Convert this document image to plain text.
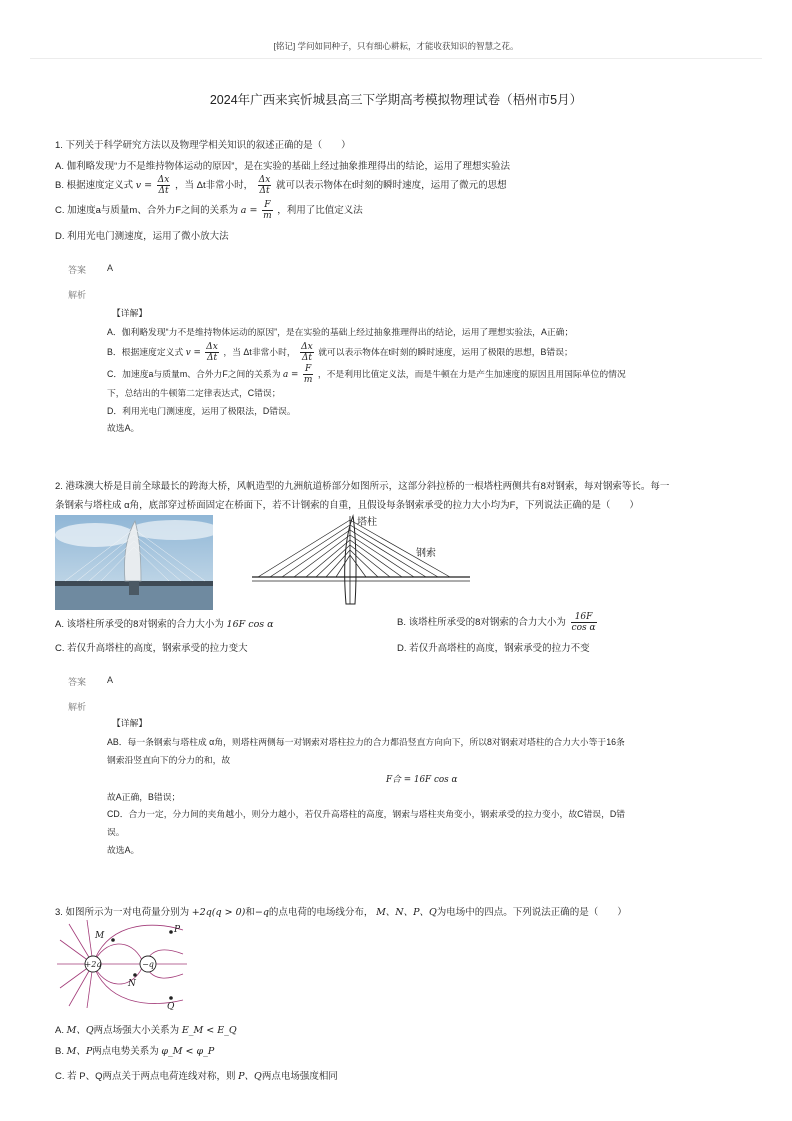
[铭记] 学问如同种子，只有细心耕耘，才能收获知识的智慧之花。
2024年广西来宾忻城县高三下学期高考模拟物理试卷（梧州市5月）
1. 下列关于科学研究方法以及物理学相关知识的叙述正确的是（　　）
A. 伽利略发现“力不是维持物体运动的原因”，是在实验的基础上经过抽象推理得出的结论，运用了理想实验法
B. 根据速度定义式 $v = \frac{\Delta x}{\Delta t}$ ，当 Δt非常小时， $\frac{\Delta x}{\Delta t}$ 就可以表示物体在t时刻的瞬时速度，运用了微元的思想
C. 加速度a与质量m、合外力F之间的关系为 $a = \frac{F}{m}$ ，利用了比值定义法
D. 利用光电门测速度，运用了微小放大法
答案 A
解析
【详解】
A．伽利略发现“力不是维持物体运动的原因”，是在实验的基础上经过抽象推理得出的结论，运用了理想实验法，A正确；
B．根据速度定义式 $v = \frac{\Delta x}{\Delta t}$ ，当 Δt非常小时， $\frac{\Delta x}{\Delta t}$ 就可以表示物体在t时刻的瞬时速度，运用了极限的思想，B错误；
C．加速度a与质量m、合外力F之间的关系为 $a = \frac{F}{m}$ ，不是利用比值定义法，而是牛顿在力是产生加速度的原因且用国际单位的情况
下，总结出的牛顿第二定律表达式，C错误；
D．利用光电门测速度，运用了极限法，D错误。
故选A。
2. 港珠澳大桥是目前全球最长的跨海大桥，风帆造型的九洲航道桥部分如图所示，这部分斜拉桥的一根塔柱两侧共有8对钢索，每对钢索等长。每一
条钢索与塔柱成 α角，底部穿过桥面固定在桥面下，若不计钢索的自重，且假设每条钢索承受的拉力大小均为F，下列说法正确的是（　　）
塔柱
钢索
A. 该塔柱所承受的8对钢索的合力大小为 16F cos α	B. 该塔柱所承受的8对钢索的合力大小为 $\frac{16F}{\text{cos α}}$
C. 若仅升高塔柱的高度，钢索承受的拉力变大	D. 若仅升高塔柱的高度，钢索承受的拉力不变
答案 A
解析
【详解】
AB．每一条钢索与塔柱成 α角，则塔柱两侧每一对钢索对塔柱拉力的合力都沿竖直方向向下，所以8对钢索对塔柱的合力大小等于16条
钢索沿竖直向下的分力的和，故
F合 = 16F cos α
故A正确，B错误；
CD．合力一定，分力间的夹角越小，则分力越小，若仅升高塔柱的高度，钢索与塔柱夹角变小，钢索承受的拉力变小，故C错误，D错
误。
故选A。
3. 如图所示为一对电荷量分别为 +2q(q > 0)和−q的点电荷的电场线分布， M、N、P、Q为电场中的四点。下列说法正确的是（　　）
+2q	−q
M
P
N
Q
A. M、Q两点场强大小关系为 E_M < E_Q
B. M、P两点电势关系为 φ_M < φ_P
C. 若 P、Q两点关于两点电荷连线对称，则 P、Q两点电场强度相同
